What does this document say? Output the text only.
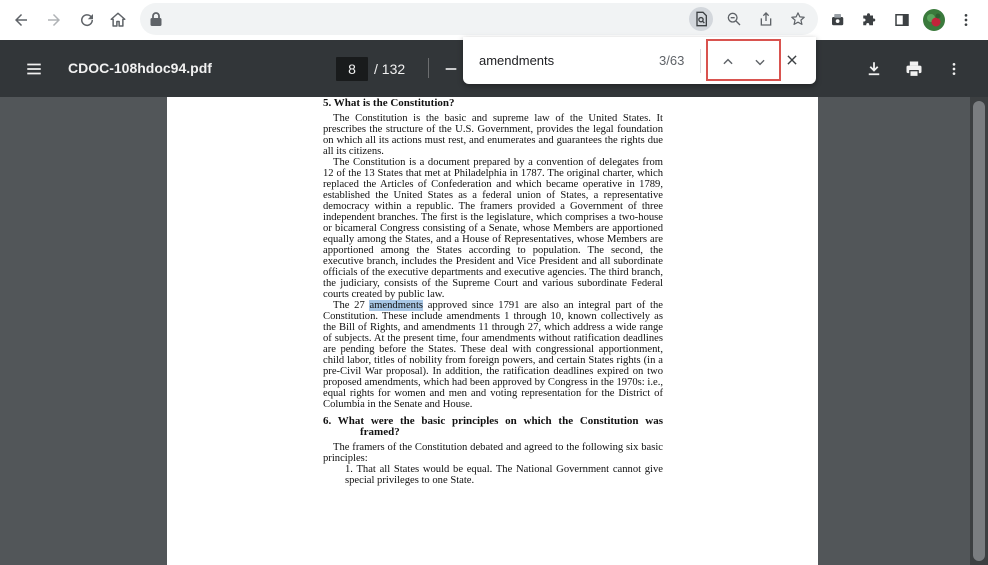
CDOC-108hdoc94.pdf	8	/ 132
5. What is the Constitution?

The Constitution is the basic and supreme law of the United States. It prescribes the structure of the U.S. Government, provides the legal foundation on which all its actions must rest, and enumerates and guarantees the rights due all its citizens.

The Constitution is a document prepared by a convention of delegates from 12 of the 13 States that met at Philadelphia in 1787. The original charter, which replaced the Articles of Confederation and which became operative in 1789, established the United States as a federal union of States, a representative democracy within a republic. The framers provided a Government of three independent branches. The first is the legislature, which comprises a two-house or bicameral Congress consisting of a Senate, whose Members are apportioned equally among the States, and a House of Representatives, whose Members are apportioned among the States according to population. The second, the executive branch, includes the President and Vice President and all subordinate officials of the executive departments and executive agencies. The third branch, the judiciary, consists of the Supreme Court and various subordinate Federal courts created by public law.

The 27 amendments approved since 1791 are also an integral part of the Constitution. These include amendments 1 through 10, known collectively as the Bill of Rights, and amendments 11 through 27, which address a wide range of subjects. At the present time, four amendments without ratification deadlines are pending before the States. These deal with congressional apportionment, child labor, titles of nobility from foreign powers, and certain States rights (in a pre-Civil War proposal). In addition, the ratification deadlines expired on two proposed amendments, which had been approved by Congress in the 1970s: i.e., equal rights for women and men and voting representation for the District of Columbia in the Senate and House.

6. What were the basic principles on which the Constitution was framed?

The framers of the Constitution debated and agreed to the following six basic principles:

1. That all States would be equal. The National Government cannot give special privileges to one State.

amendments	3/63
